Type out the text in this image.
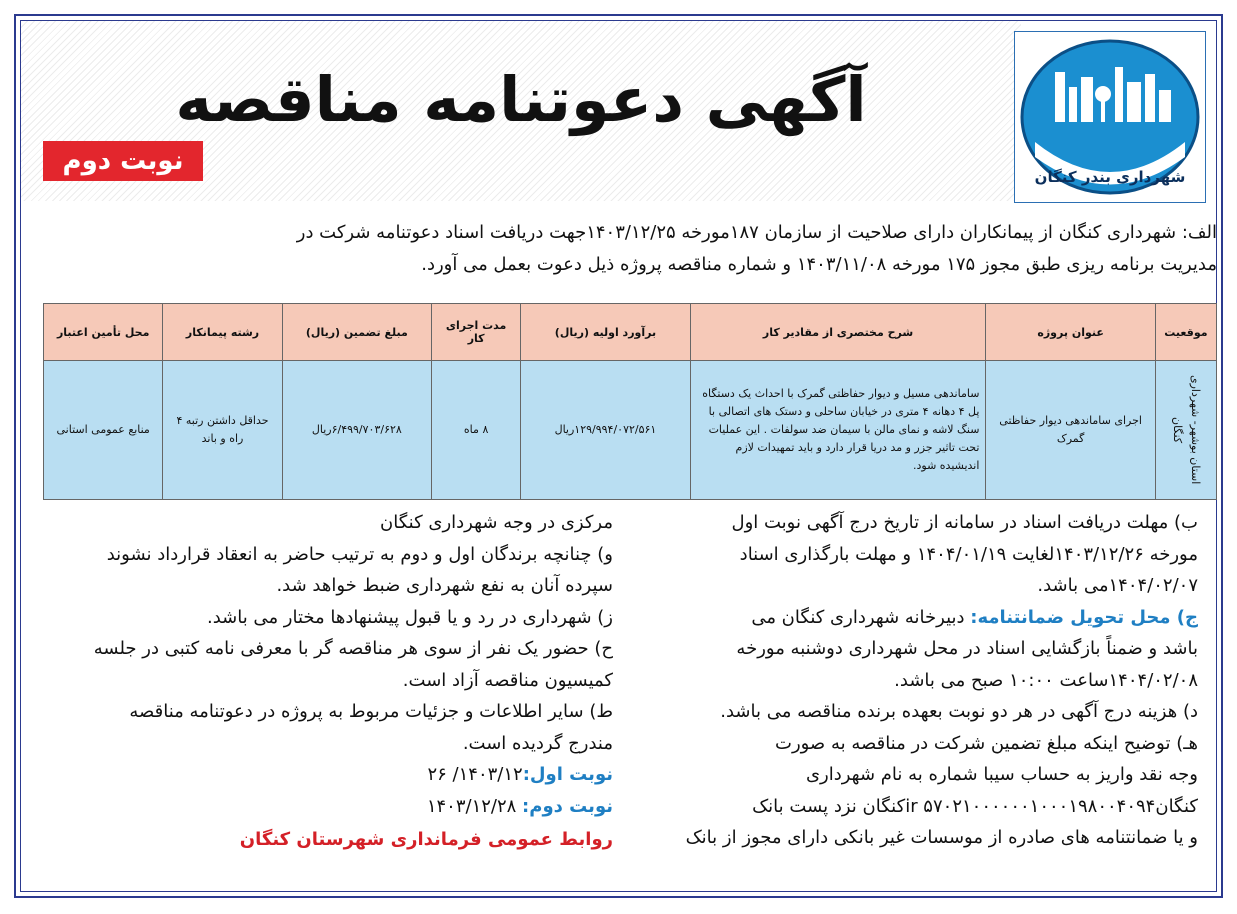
شهرداری بندر کنگان
آگهی دعوتنامه مناقصه
نوبت دوم
الف: شهرداری کنگان از پیمانکاران دارای صلاحیت از سازمان ۱۸۷مورخه ۱۴۰۳/۱۲/۲۵جهت دریافت اسناد دعوتنامه شرکت در
مدیریت برنامه ریزی طبق مجوز ۱۷۵ مورخه ۱۴۰۳/۱۱/۰۸ و شماره مناقصه پروژه ذیل دعوت بعمل می آورد.
موقعیت	عنوان پروژه	شرح مختصری از مقادیر کار	برآورد اولیه (ریال)	مدت اجرای کار	مبلغ تضمین (ریال)	رشته پیمانکار	محل تأمین اعتبار

استان بوشهر- شهرداری کنگان	اجرای ساماندهی دیوار حفاظتی گمرک	ساماندهی مسیل و دیوار حفاظتی گمرک با احداث یک دستگاه پل ۴ دهانه ۴ متری در خیابان ساحلی و دستک های اتصالی با سنگ لاشه و نمای مالن با سیمان ضد سولفات . این عملیات تحت تاثیر جزر و مد دریا قرار دارد و باید تمهیدات لازم اندیشیده شود.	۱۲۹/۹۹۴/۰۷۲/۵۶۱ریال	۸ ماه	۶/۴۹۹/۷۰۳/۶۲۸ریال	حداقل داشتن رتبه ۴ راه و باند	منابع عمومی استانی
ب) مهلت دریافت اسناد در سامانه از تاریخ درج آگهی نوبت اول
مورخه ۱۴۰۳/۱۲/۲۶لغایت ۱۴۰۴/۰۱/۱۹ و مهلت بارگذاری اسناد
۱۴۰۴/۰۲/۰۷می باشد.
ج) محل تحویل ضمانتنامه: دبیرخانه شهرداری کنگان می
باشد و ضمناً بازگشایی اسناد در محل شهرداری دوشنبه مورخه
۱۴۰۴/۰۲/۰۸ساعت ۱۰:۰۰ صبح می باشد.
د) هزینه درج آگهی در هر دو نوبت بعهده برنده مناقصه می باشد.
هـ) توضیح اینکه مبلغ تضمین شرکت در مناقصه به صورت
وجه نقد واریز به حساب سیبا شماره به نام شهرداری
کنگانir ۵۷۰۲۱۰۰۰۰۰۰۱۰۰۰۱۹۸۰۰۴۰۹۴کنگان نزد پست بانک
و یا ضمانتنامه های صادره از موسسات غیر بانکی دارای مجوز از بانک
مرکزی در وجه شهرداری کنگان
و) چنانچه برندگان اول و دوم به ترتیب حاضر به انعقاد قرارداد نشوند
سپرده آنان به نفع شهرداری ضبط خواهد شد.
ز) شهرداری در رد و یا قبول پیشنهادها مختار می باشد.
ح) حضور یک نفر از سوی هر مناقصه گر با معرفی نامه کتبی در جلسه
کمیسیون مناقصه آزاد است.
ط) سایر اطلاعات و جزئیات مربوط به پروژه در دعوتنامه مناقصه
مندرج گردیده است.
نوبت اول:۱۴۰۳/۱۲/ ۲۶
نوبت دوم: ۱۴۰۳/۱۲/۲۸
روابط عمومی فرمانداری شهرستان کنگان
